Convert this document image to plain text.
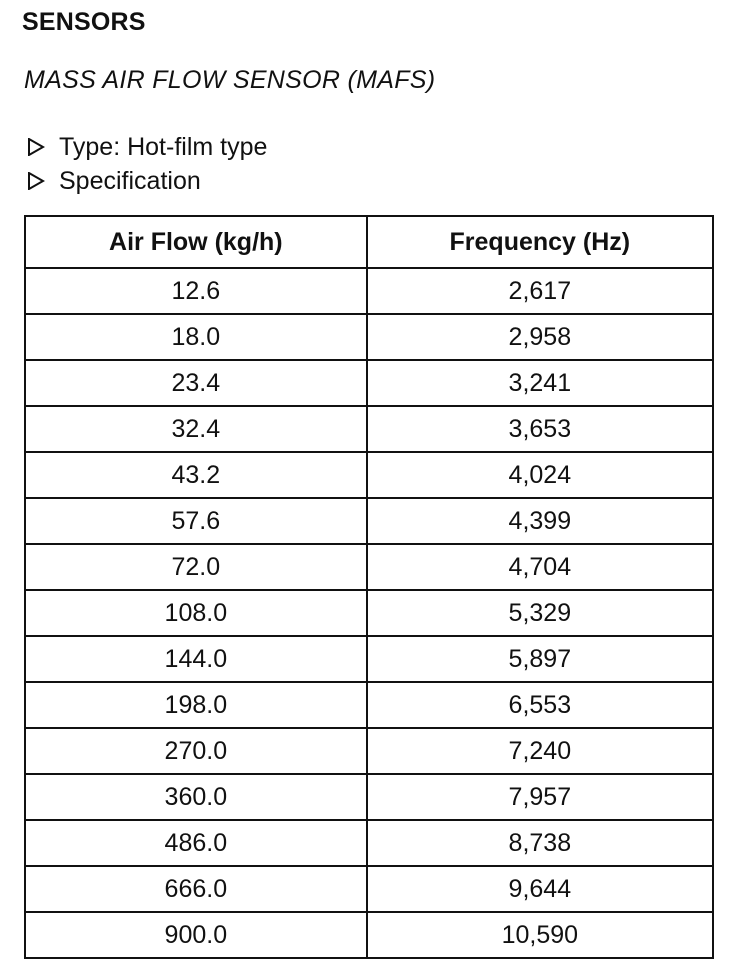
SENSORS
MASS AIR FLOW SENSOR (MAFS)
Type: Hot-film type
Specification
Air Flow (kg/h)	Frequency (Hz)
12.6	2,617
18.0	2,958
23.4	3,241
32.4	3,653
43.2	4,024
57.6	4,399
72.0	4,704
108.0	5,329
144.0	5,897
198.0	6,553
270.0	7,240
360.0	7,957
486.0	8,738
666.0	9,644
900.0	10,590
